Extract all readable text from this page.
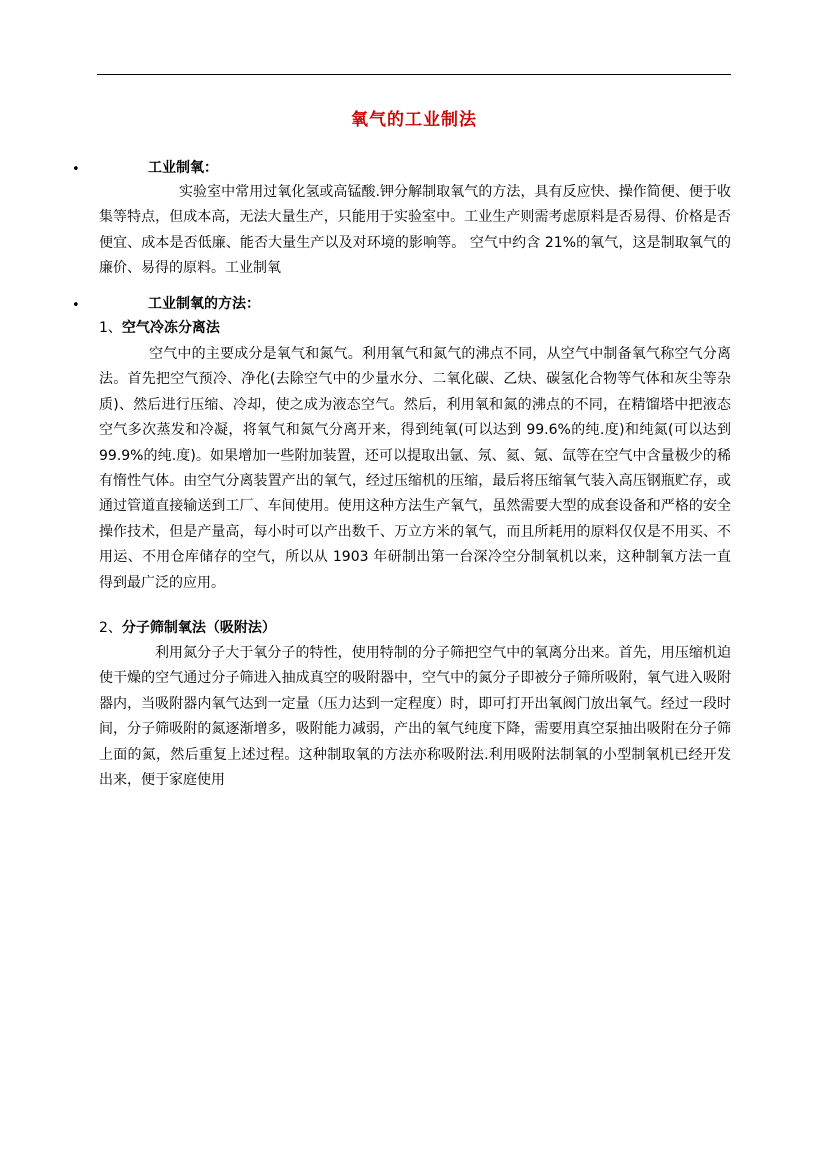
氧气的工业制法
•	工业制氧：
实验室中常用过氧化氢或高锰酸.钾分解制取氧气的方法，具有反应快、操作简便、便于收集等特点，但成本高，无法大量生产，只能用于实验室中。工业生产则需考虑原料是否易得、价格是否便宜、成本是否低廉、能否大量生产以及对环境的影响等。 空气中约含 21%的氧气，这是制取氧气的廉价、易得的原料。工业制氧
•	工业制氧的方法：
1、空气冷冻分离法
空气中的主要成分是氧气和氮气。利用氧气和氮气的沸点不同，从空气中制备氧气称空气分离法。首先把空气预冷、净化(去除空气中的少量水分、二氧化碳、乙炔、碳氢化合物等气体和灰尘等杂质)、然后进行压缩、冷却，使之成为液态空气。然后，利用氧和氮的沸点的不同，在精馏塔中把液态空气多次蒸发和冷凝，将氧气和氮气分离开来，得到纯氧(可以达到 99.6%的纯.度)和纯氮(可以达到 99.9%的纯.度)。如果增加一些附加装置，还可以提取出氩、氖、氦、氪、氙等在空气中含量极少的稀有惰性气体。由空气分离装置产出的氧气，经过压缩机的压缩，最后将压缩氧气装入高压钢瓶贮存，或通过管道直接输送到工厂、车间使用。使用这种方法生产氧气，虽然需要大型的成套设备和严格的安全操作技术，但是产量高，每小时可以产出数千、万立方米的氧气，而且所耗用的原料仅仅是不用买、不用运、不用仓库储存的空气，所以从 1903 年研制出第一台深冷空分制氧机以来，这种制氧方法一直得到最广泛的应用。
2、分子筛制氧法（吸附法）
利用氮分子大于氧分子的特性，使用特制的分子筛把空气中的氧离分出来。首先，用压缩机迫使干燥的空气通过分子筛进入抽成真空的吸附器中，空气中的氮分子即被分子筛所吸附，氧气进入吸附器内，当吸附器内氧气达到一定量（压力达到一定程度）时，即可打开出氧阀门放出氧气。经过一段时间，分子筛吸附的氮逐渐增多，吸附能力减弱，产出的氧气纯度下降，需要用真空泵抽出吸附在分子筛上面的氮，然后重复上述过程。这种制取氧的方法亦称吸附法.利用吸附法制氧的小型制氧机已经开发出来，便于家庭使用
